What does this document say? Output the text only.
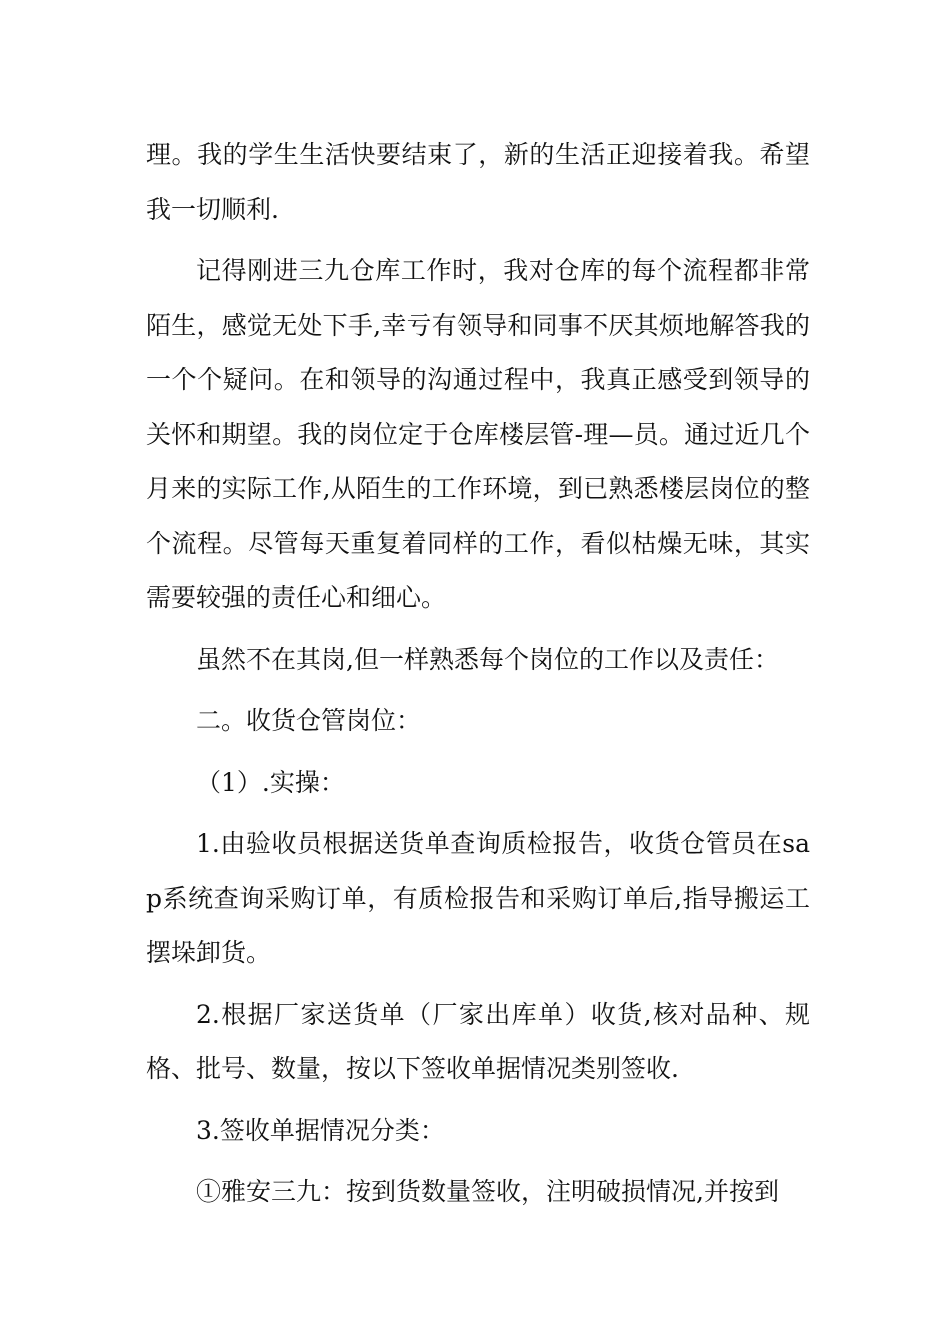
理。我的学生生活快要结束了，新的生活正迎接着我。希望我一切顺利.

记得刚进三九仓库工作时，我对仓库的每个流程都非常陌生，感觉无处下手,幸亏有领导和同事不厌其烦地解答我的一个个疑问。在和领导的沟通过程中，我真正感受到领导的关怀和期望。我的岗位定于仓库楼层管-理—员。通过近几个月来的实际工作,从陌生的工作环境，到已熟悉楼层岗位的整个流程。尽管每天重复着同样的工作，看似枯燥无味，其实需要较强的责任心和细心。

虽然不在其岗,但一样熟悉每个岗位的工作以及责任：

二。收货仓管岗位：

（1）.实操：

1.由验收员根据送货单查询质检报告，收货仓管员在sap系统查询采购订单，有质检报告和采购订单后,指导搬运工摆垛卸货。

2.根据厂家送货单（厂家出库单）收货,核对品种、规格、批号、数量，按以下签收单据情况类别签收.

3.签收单据情况分类：

①雅安三九：按到货数量签收，注明破损情况,并按到
